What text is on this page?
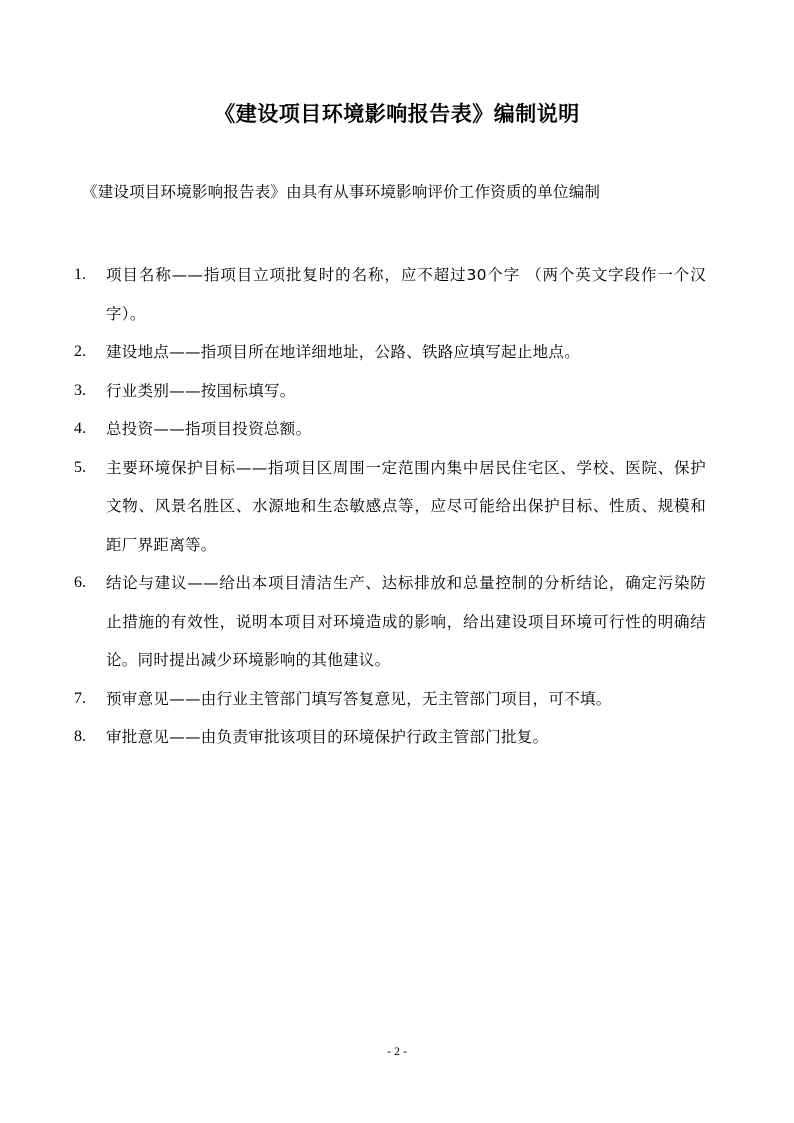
《建设项目环境影响报告表》编制说明
《建设项目环境影响报告表》由具有从事环境影响评价工作资质的单位编制
1.	项目名称——指项目立项批复时的名称，应不超过30个字 （两个英文字段作一个汉字）。
2.	建设地点——指项目所在地详细地址，公路、铁路应填写起止地点。
3.	行业类别——按国标填写。
4.	总投资——指项目投资总额。
5.	主要环境保护目标——指项目区周围一定范围内集中居民住宅区、学校、医院、保护文物、风景名胜区、水源地和生态敏感点等，应尽可能给出保护目标、性质、规模和距厂界距离等。
6.	结论与建议——给出本项目清洁生产、达标排放和总量控制的分析结论，确定污染防止措施的有效性，说明本项目对环境造成的影响，给出建设项目环境可行性的明确结论。同时提出减少环境影响的其他建议。
7.	预审意见——由行业主管部门填写答复意见，无主管部门项目，可不填。
8.	审批意见——由负责审批该项目的环境保护行政主管部门批复。
- 2 -
